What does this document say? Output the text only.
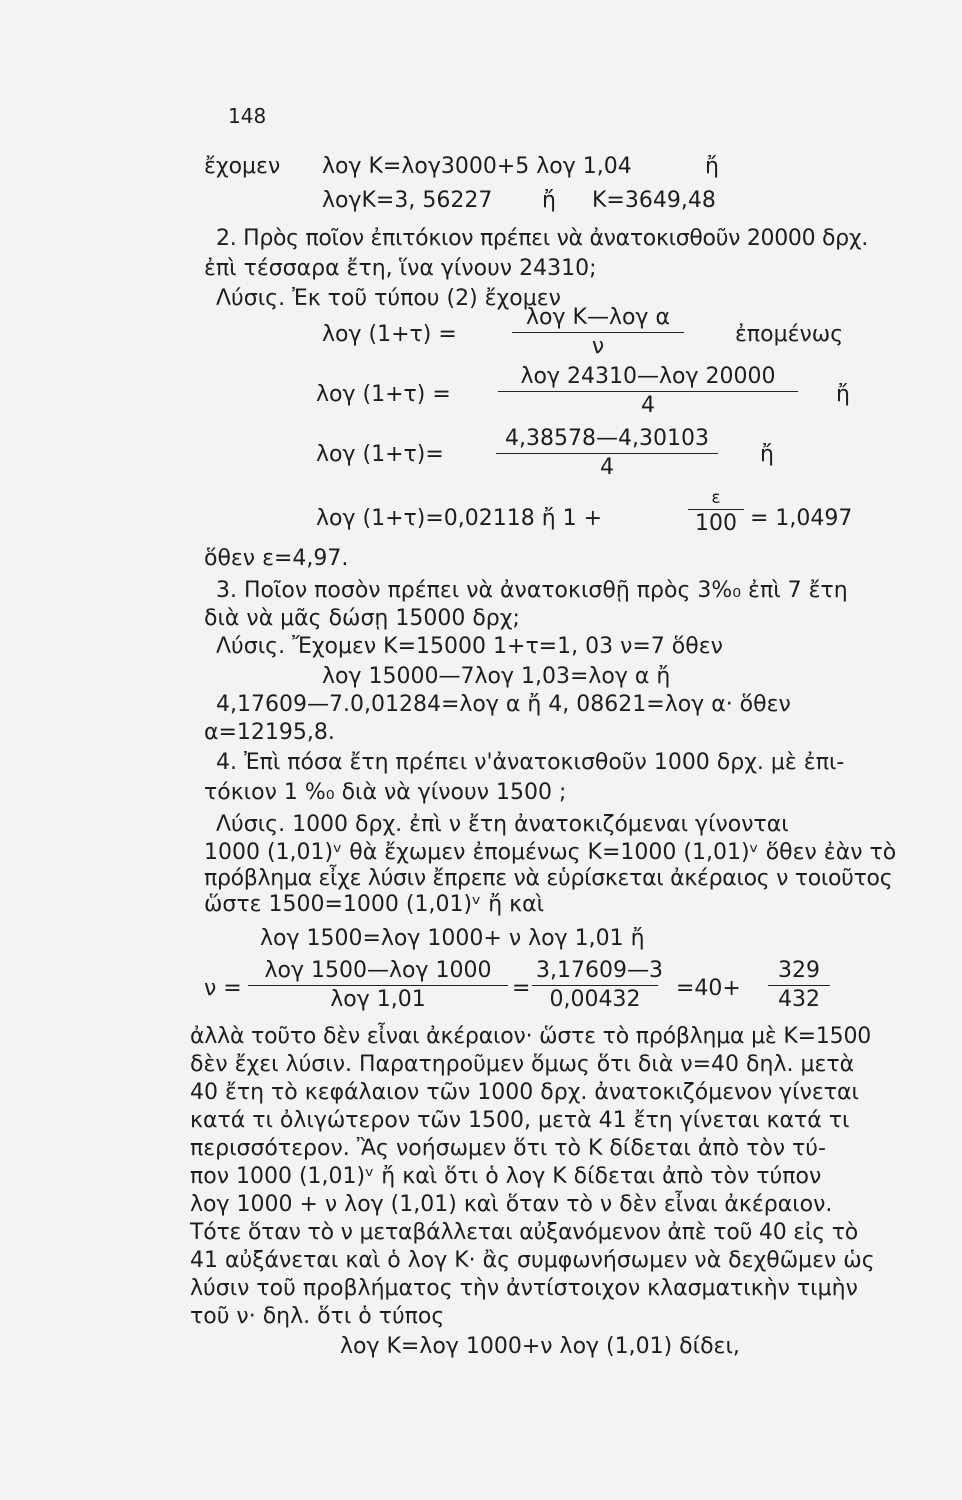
148
ἔχομεν λογ Κ=λογ3000+5 λογ 1,04	ἤ
λογΚ=3, 56227 ἤ Κ=3649,48
2. Πρὸς ποῖον ἐπιτόκιον πρέπει νὰ ἀνατοκισθοῦν 20000 δρχ.
ἐπὶ τέσσαρα ἔτη, ἵνα γίνουν 24310;
Λύσις. Ἐκ τοῦ τύπου (2) ἔχομεν
λογ (1+τ) =
λογ Κ—λογ α
ν	ἐπομένως
λογ (1+τ) =
λογ 24310—λογ 20000
4	ἤ
λογ (1+τ)=
4,38578—4,30103
4
ἤ
λογ (1+τ)=0,02118 ἤ 1 +
ε
100 = 1,0497
ὅθεν ε=4,97.
3. Ποῖον ποσὸν πρέπει νὰ ἀνατοκισθῇ πρὸς 3%₀ ἐπὶ 7 ἔτη
διὰ νὰ μᾶς δώσῃ 15000 δρχ;
Λύσις. Ἔχομεν Κ=15000 1+τ=1, 03 ν=7 ὅθεν
λογ 15000—7λογ 1,03=λογ α ἤ
4,17609—7.0,01284=λογ α ἤ 4, 08621=λογ α· ὅθεν
α=12195,8.
4. Ἐπὶ πόσα ἔτη πρέπει ν'ἀνατοκισθοῦν 1000 δρχ. μὲ ἐπι-
τόκιον 1 %₀ διὰ νὰ γίνουν 1500 ;
Λύσις. 1000 δρχ. ἐπὶ ν ἔτη ἀνατοκιζόμεναι γίνονται
1000 (1,01)ᵛ θὰ ἔχωμεν ἐπομένως Κ=1000 (1,01)ᵛ ὅθεν ἐὰν τὸ
πρόβλημα εἶχε λύσιν ἔπρεπε νὰ εὑρίσκεται ἀκέραιος ν τοιοῦτος
ὥστε 1500=1000 (1,01)ᵛ ἤ καὶ
λογ 1500=λογ 1000+ ν λογ 1,01 ἤ
ν =
λογ 1500—λογ 1000
λογ 1,01	=
3,17609—3
0,00432	=40+
329
432
ἀλλὰ τοῦτο δὲν εἶναι ἀκέραιον· ὥστε τὸ πρόβλημα μὲ Κ=1500
δὲν ἔχει λύσιν. Παρατηροῦμεν ὅμως ὅτι διὰ ν=40 δηλ. μετὰ
40 ἔτη τὸ κεφάλαιον τῶν 1000 δρχ. ἀνατοκιζόμενον γίνεται
κατά τι ὀλιγώτερον τῶν 1500, μετὰ 41 ἔτη γίνεται κατά τι
περισσότερον. Ἂς νοήσωμεν ὅτι τὸ Κ δίδεται ἀπὸ τὸν τύ-
πον 1000 (1,01)ᵛ ἤ καὶ ὅτι ὁ λογ Κ δίδεται ἀπὸ τὸν τύπον
λογ 1000 + ν λογ (1,01) καὶ ὅταν τὸ ν δὲν εἶναι ἀκέραιον.
Τότε ὅταν τὸ ν μεταβάλλεται αὐξανόμενον ἀπὲ τοῦ 40 εἰς τὸ
41 αὐξάνεται καὶ ὁ λογ Κ· ἂς συμφωνήσωμεν νὰ δεχθῶμεν ὡς
λύσιν τοῦ προβλήματος τὴν ἀντίστοιχον κλασματικὴν τιμὴν
τοῦ ν· δηλ. ὅτι ὁ τύπος
λογ Κ=λογ 1000+ν λογ (1,01) δίδει,
